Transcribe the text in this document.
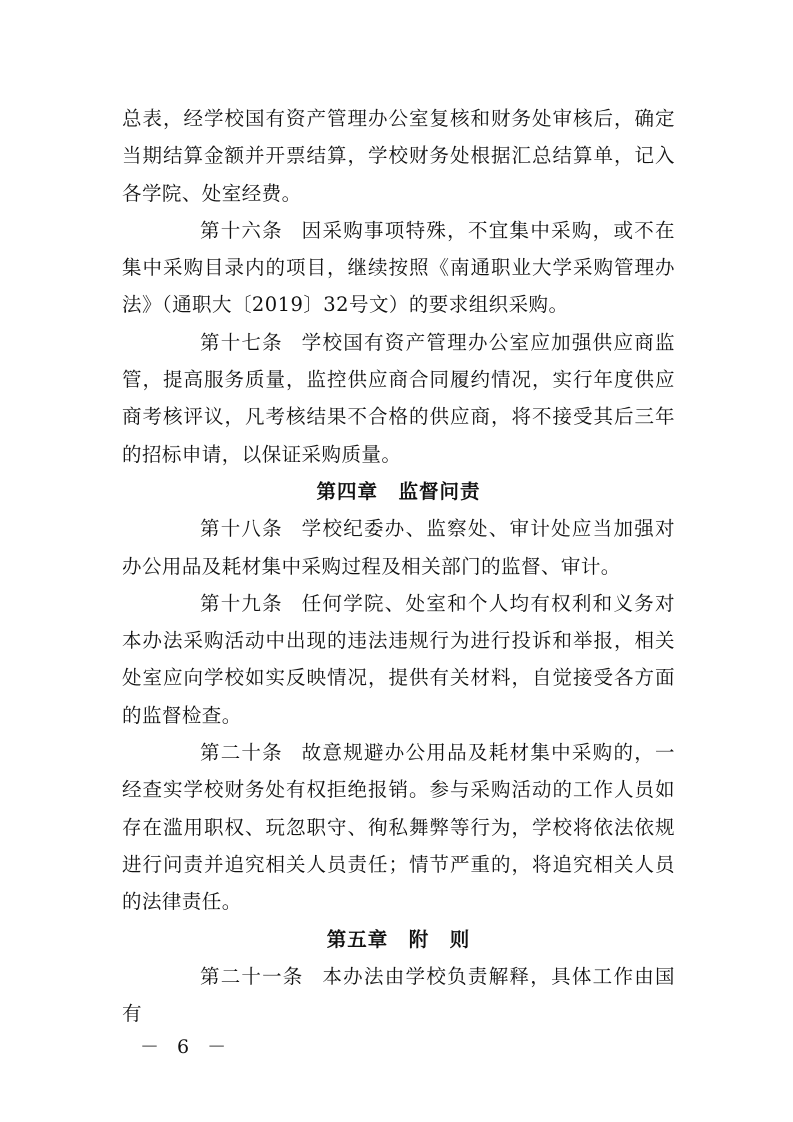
总表，经学校国有资产管理办公室复核和财务处审核后，确定当期结算金额并开票结算，学校财务处根据汇总结算单，记入各学院、处室经费。

第十六条 因采购事项特殊，不宜集中采购，或不在集中采购目录内的项目，继续按照《南通职业大学采购管理办法》（通职大〔2019〕32号文）的要求组织采购。

第十七条 学校国有资产管理办公室应加强供应商监管，提高服务质量，监控供应商合同履约情况，实行年度供应商考核评议，凡考核结果不合格的供应商，将不接受其后三年的招标申请，以保证采购质量。

第四章　监督问责

第十八条 学校纪委办、监察处、审计处应当加强对办公用品及耗材集中采购过程及相关部门的监督、审计。

第十九条 任何学院、处室和个人均有权利和义务对本办法采购活动中出现的违法违规行为进行投诉和举报，相关处室应向学校如实反映情况，提供有关材料，自觉接受各方面的监督检查。

第二十条 故意规避办公用品及耗材集中采购的，一经查实学校财务处有权拒绝报销。参与采购活动的工作人员如存在滥用职权、玩忽职守、徇私舞弊等行为，学校将依法依规进行问责并追究相关人员责任；情节严重的，将追究相关人员的法律责任。

第五章　附　则

第二十一条 本办法由学校负责解释，具体工作由国有

－ 6 －
